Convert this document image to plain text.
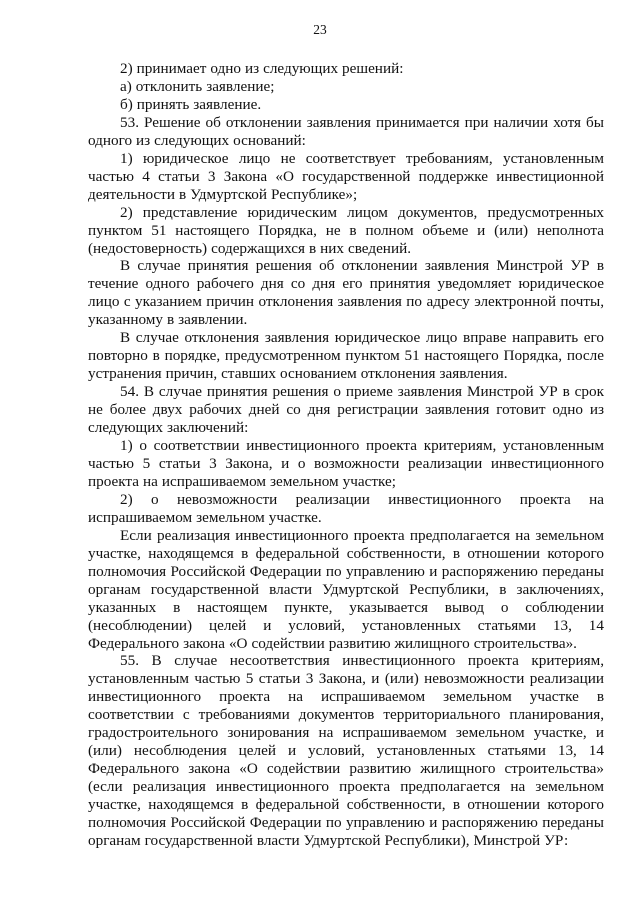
23

2) принимает одно из следующих решений:

а) отклонить заявление;

б) принять заявление.

53. Решение об отклонении заявления принимается при наличии хотя бы одного из следующих оснований:

1) юридическое лицо не соответствует требованиям, установленным частью 4 статьи 3 Закона «О государственной поддержке инвестиционной деятельности в Удмуртской Республике»;

2) представление юридическим лицом документов, предусмотренных пунктом 51 настоящего Порядка, не в полном объеме и (или) неполнота (недостоверность) содержащихся в них сведений.

В случае принятия решения об отклонении заявления Минстрой УР в течение одного рабочего дня со дня его принятия уведомляет юридическое лицо с указанием причин отклонения заявления по адресу электронной почты, указанному в заявлении.

В случае отклонения заявления юридическое лицо вправе направить его повторно в порядке, предусмотренном пунктом 51 настоящего Порядка, после устранения причин, ставших основанием отклонения заявления.

54. В случае принятия решения о приеме заявления Минстрой УР в срок не более двух рабочих дней со дня регистрации заявления готовит одно из следующих заключений:

1) о соответствии инвестиционного проекта критериям, установленным частью 5 статьи 3 Закона, и о возможности реализации инвестиционного проекта на испрашиваемом земельном участке;

2) о невозможности реализации инвестиционного проекта на испрашиваемом земельном участке.

Если реализация инвестиционного проекта предполагается на земельном участке, находящемся в федеральной собственности, в отношении которого полномочия Российской Федерации по управлению и распоряжению переданы органам государственной власти Удмуртской Республики, в заключениях, указанных в настоящем пункте, указывается вывод о соблюдении (несоблюдении) целей и условий, установленных статьями 13, 14 Федерального закона «О содействии развитию жилищного строительства».

55. В случае несоответствия инвестиционного проекта критериям, установленным частью 5 статьи 3 Закона, и (или) невозможности реализации инвестиционного проекта на испрашиваемом земельном участке в соответствии с требованиями документов территориального планирования, градостроительного зонирования на испрашиваемом земельном участке, и (или) несоблюдения целей и условий, установленных статьями 13, 14 Федерального закона «О содействии развитию жилищного строительства» (если реализация инвестиционного проекта предполагается на земельном участке, находящемся в федеральной собственности, в отношении которого полномочия Российской Федерации по управлению и распоряжению переданы органам государственной власти Удмуртской Республики), Минстрой УР:
